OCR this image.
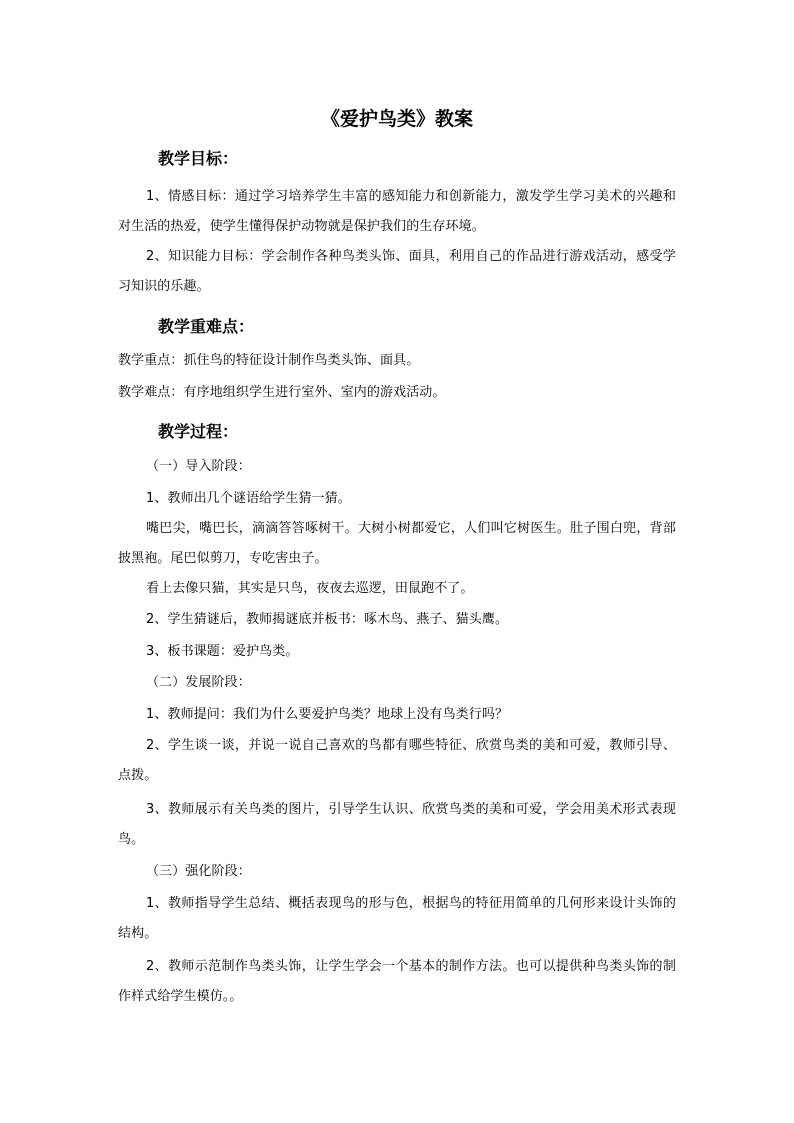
《爱护鸟类》教案
教学目标：

1、情感目标：通过学习培养学生丰富的感知能力和创新能力，激发学生学习美术的兴趣和对生活的热爱，使学生懂得保护动物就是保护我们的生存环境。

2、知识能力目标：学会制作各种鸟类头饰、面具，利用自己的作品进行游戏活动，感受学习知识的乐趣。

教学重难点：

教学重点：抓住鸟的特征设计制作鸟类头饰、面具。

教学难点：有序地组织学生进行室外、室内的游戏活动。

教学过程：

（一）导入阶段：

1、教师出几个谜语给学生猜一猜。

嘴巴尖，嘴巴长，滴滴答答啄树干。大树小树都爱它，人们叫它树医生。肚子围白兜，背部披黑袍。尾巴似剪刀，专吃害虫子。

看上去像只猫，其实是只鸟，夜夜去巡逻，田鼠跑不了。

2、学生猜谜后，教师揭谜底并板书：啄木鸟、燕子、猫头鹰。

3、板书课题：爱护鸟类。

（二）发展阶段：

1、教师提问：我们为什么要爱护鸟类？地球上没有鸟类行吗？

2、学生谈一谈，并说一说自己喜欢的鸟都有哪些特征、欣赏鸟类的美和可爱，教师引导、点拨。

3、教师展示有关鸟类的图片，引导学生认识、欣赏鸟类的美和可爱，学会用美术形式表现鸟。

（三）强化阶段：

1、教师指导学生总结、概括表现鸟的形与色，根据鸟的特征用简单的几何形来设计头饰的结构。

2、教师示范制作鸟类头饰，让学生学会一个基本的制作方法。也可以提供种鸟类头饰的制作样式给学生模仿。。
